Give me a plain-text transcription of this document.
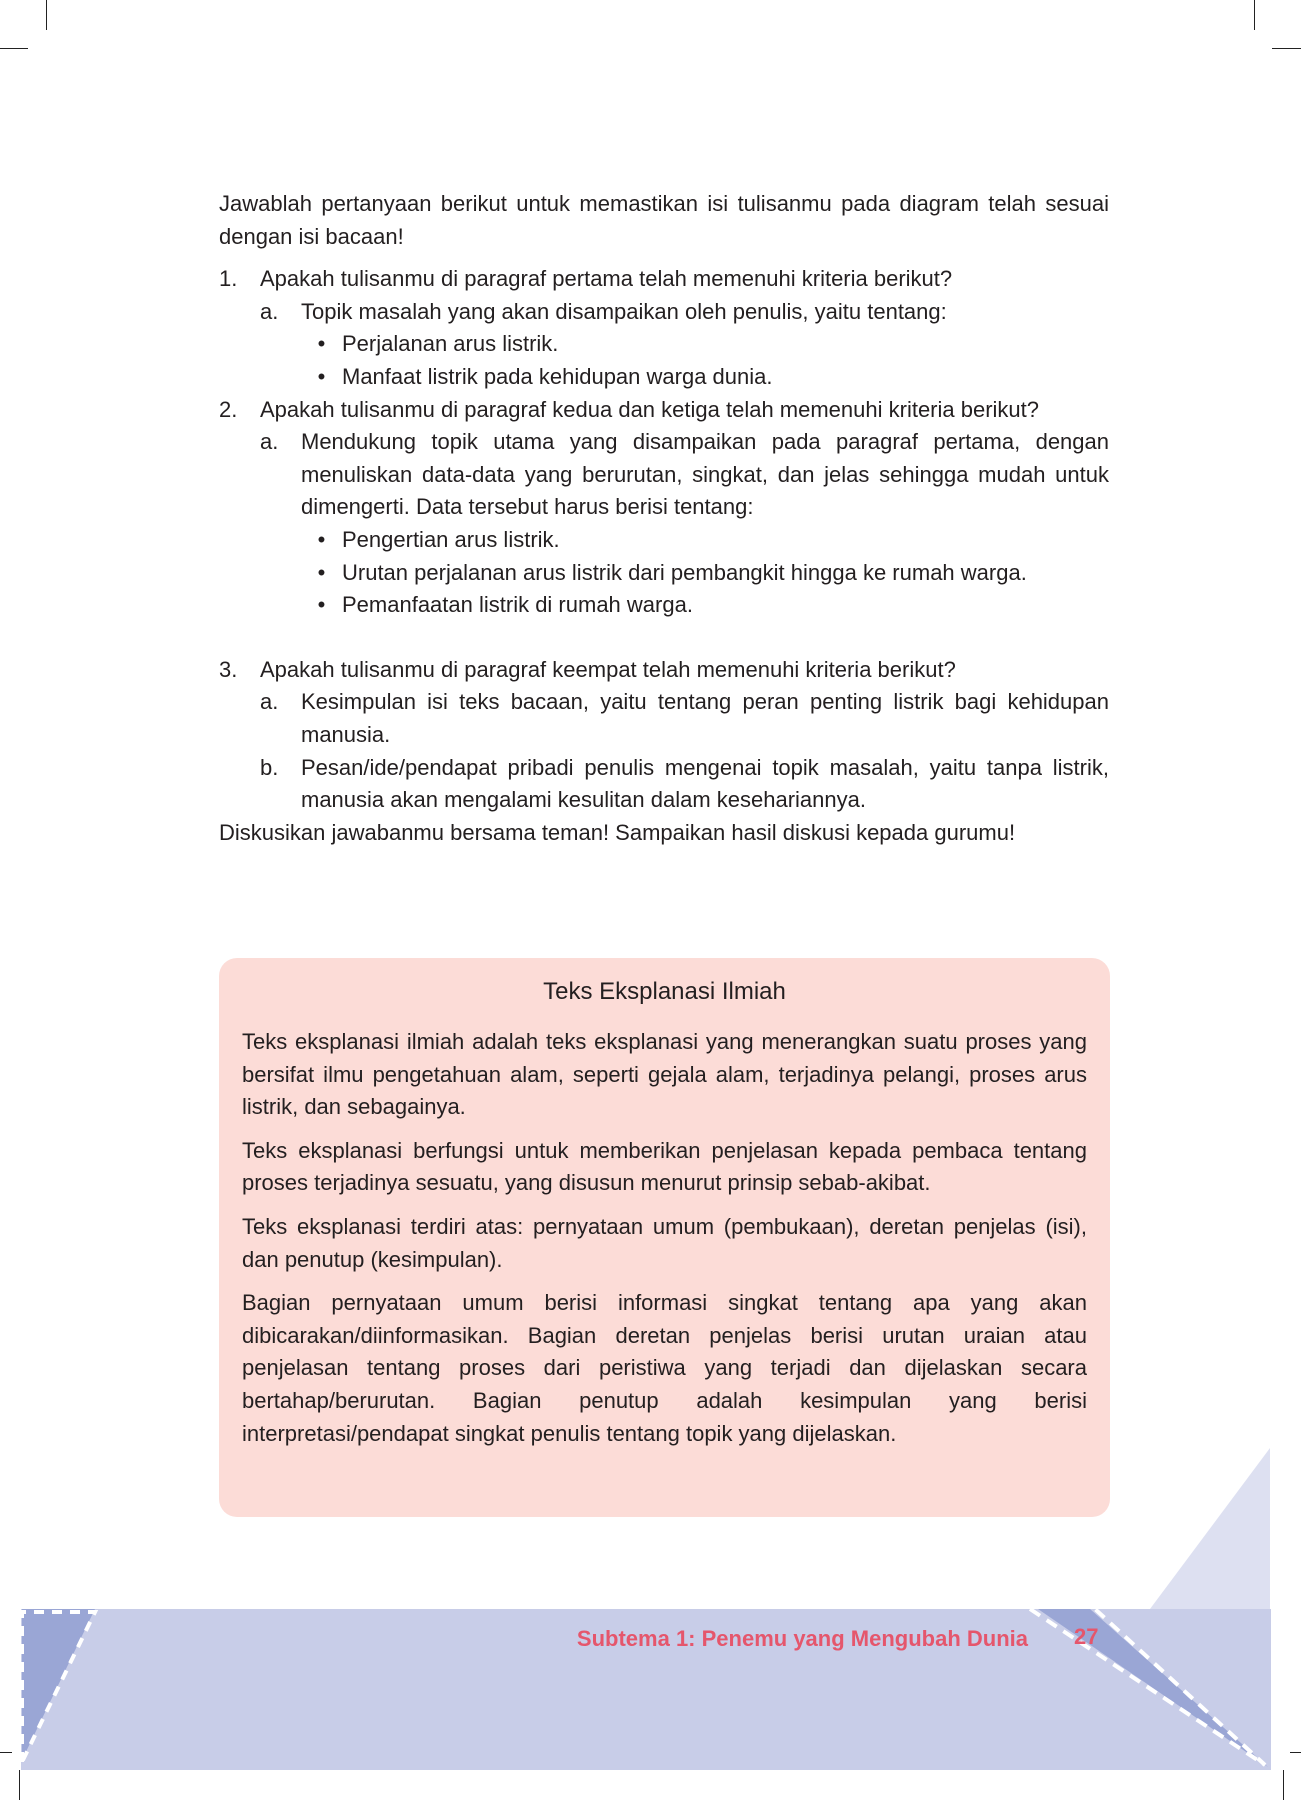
Jawablah pertanyaan berikut untuk memastikan isi tulisanmu pada diagram telah sesuai dengan isi bacaan!

1.	Apakah tulisanmu di paragraf pertama telah memenuhi kriteria berikut?
a.	Topik masalah yang akan disampaikan oleh penulis, yaitu tentang:
• Perjalanan arus listrik.
• Manfaat listrik pada kehidupan warga dunia.
2.	Apakah tulisanmu di paragraf kedua dan ketiga telah memenuhi kriteria berikut?
a.	Mendukung topik utama yang disampaikan pada paragraf pertama, dengan menuliskan data-data yang berurutan, singkat, dan jelas sehingga mudah untuk dimengerti. Data tersebut harus berisi tentang:
• Pengertian arus listrik.
• Urutan perjalanan arus listrik dari pembangkit hingga ke rumah warga.
• Pemanfaatan listrik di rumah warga.
3.	Apakah tulisanmu di paragraf keempat telah memenuhi kriteria berikut?
a.	Kesimpulan isi teks bacaan, yaitu tentang peran penting listrik bagi kehidupan manusia.
b.	Pesan/ide/pendapat pribadi penulis mengenai topik masalah, yaitu tanpa listrik, manusia akan mengalami kesulitan dalam kesehariannya.

Diskusikan jawabanmu bersama teman! Sampaikan hasil diskusi kepada gurumu!

Teks Eksplanasi Ilmiah

Teks eksplanasi ilmiah adalah teks eksplanasi yang menerangkan suatu proses yang bersifat ilmu pengetahuan alam, seperti gejala alam, terjadinya pelangi, proses arus listrik, dan sebagainya.

Teks eksplanasi berfungsi untuk memberikan penjelasan kepada pembaca tentang proses terjadinya sesuatu, yang disusun menurut prinsip sebab-akibat.

Teks eksplanasi terdiri atas: pernyataan umum (pembukaan), deretan penjelas (isi), dan penutup (kesimpulan).

Bagian pernyataan umum berisi informasi singkat tentang apa yang akan dibicarakan/diinformasikan. Bagian deretan penjelas berisi urutan uraian atau penjelasan tentang proses dari peristiwa yang terjadi dan dijelaskan secara bertahap/berurutan. Bagian penutup adalah kesimpulan yang berisi interpretasi/pendapat singkat penulis tentang topik yang dijelaskan.

Subtema 1: Penemu yang Mengubah Dunia 27
